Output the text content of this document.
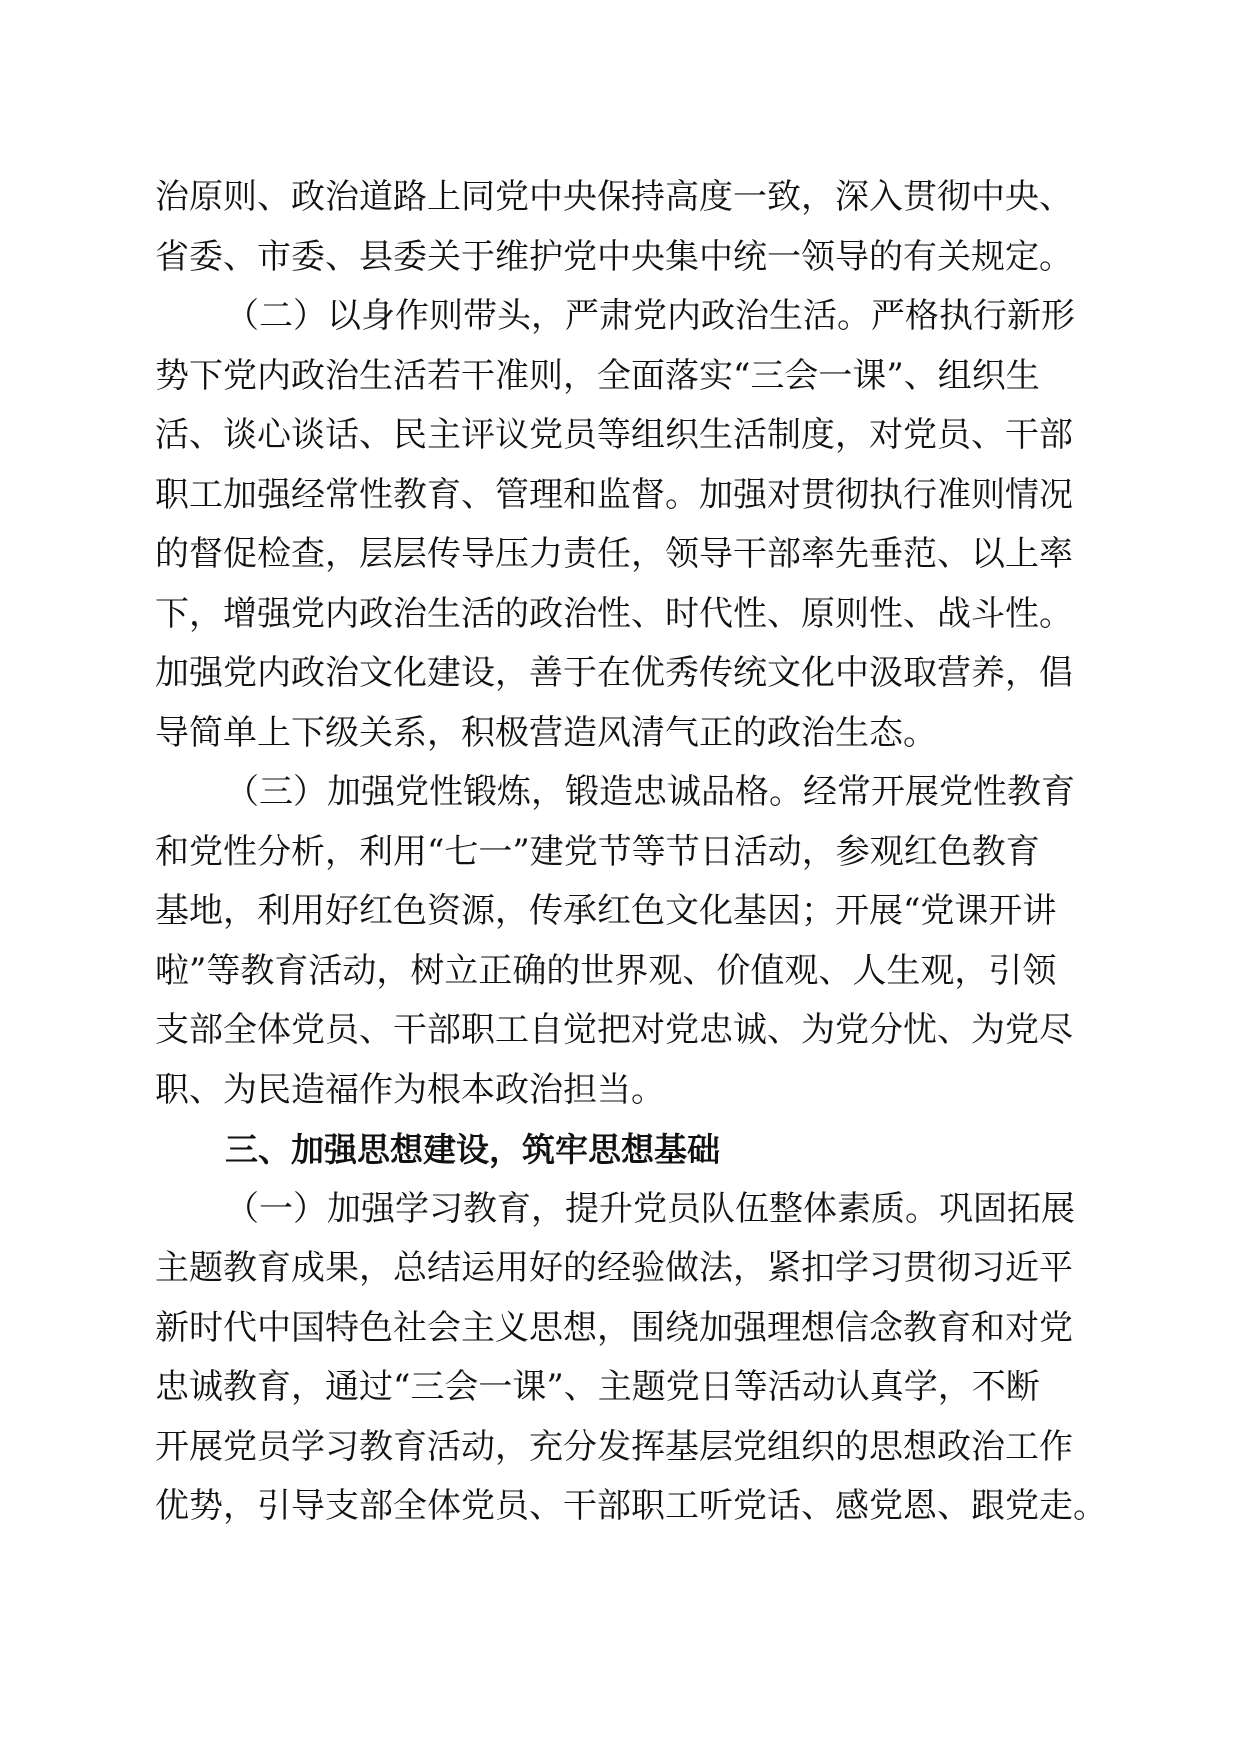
治原则、政治道路上同党中央保持高度一致，深入贯彻中央、
省委、市委、县委关于维护党中央集中统一领导的有关规定。
（二）以身作则带头，严肃党内政治生活。严格执行新形
势下党内政治生活若干准则，全面落实“三会一课”、组织生
活、谈心谈话、民主评议党员等组织生活制度，对党员、干部
职工加强经常性教育、管理和监督。加强对贯彻执行准则情况
的督促检查，层层传导压力责任，领导干部率先垂范、以上率
下，增强党内政治生活的政治性、时代性、原则性、战斗性。
加强党内政治文化建设，善于在优秀传统文化中汲取营养，倡
导简单上下级关系，积极营造风清气正的政治生态。
（三）加强党性锻炼，锻造忠诚品格。经常开展党性教育
和党性分析，利用“七一”建党节等节日活动，参观红色教育
基地，利用好红色资源，传承红色文化基因；开展“党课开讲
啦”等教育活动，树立正确的世界观、价值观、人生观，引领
支部全体党员、干部职工自觉把对党忠诚、为党分忧、为党尽
职、为民造福作为根本政治担当。
三、加强思想建设，筑牢思想基础
（一）加强学习教育，提升党员队伍整体素质。巩固拓展
主题教育成果，总结运用好的经验做法，紧扣学习贯彻习近平
新时代中国特色社会主义思想，围绕加强理想信念教育和对党
忠诚教育，通过“三会一课”、主题党日等活动认真学，不断
开展党员学习教育活动，充分发挥基层党组织的思想政治工作
优势，引导支部全体党员、干部职工听党话、感党恩、跟党走。
